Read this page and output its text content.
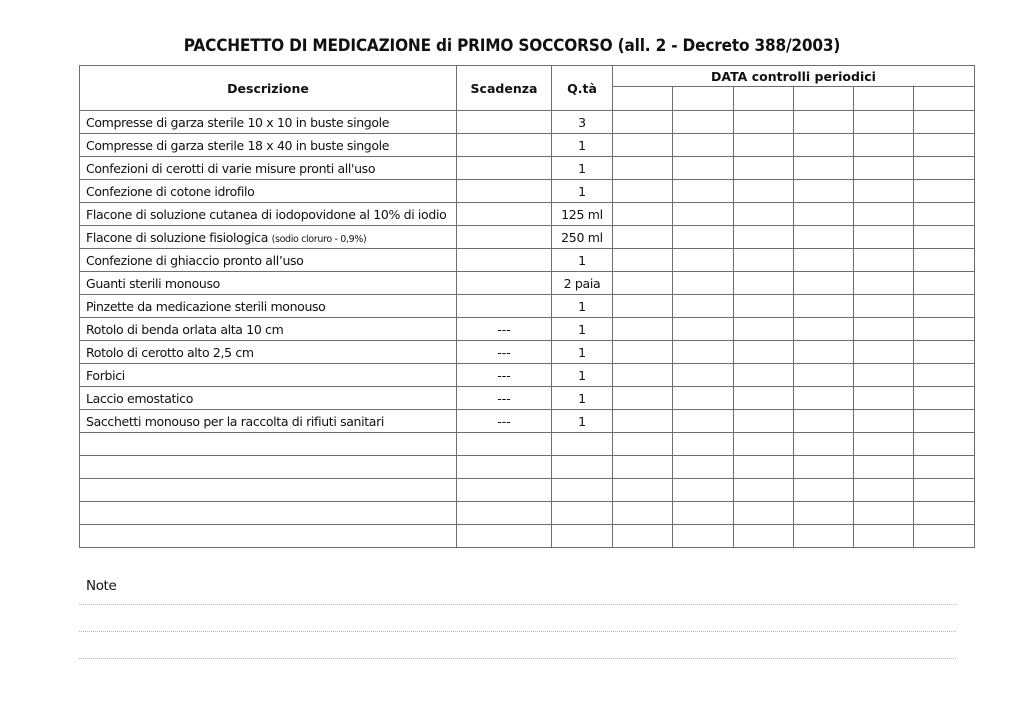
PACCHETTO DI MEDICAZIONE di PRIMO SOCCORSO (all. 2 - Decreto 388/2003)
Descrizione	Scadenza	Q.tà	DATA controlli periodici					

Compresse di garza sterile 10 x 10 in buste singole		3						
Compresse di garza sterile 18 x 40 in buste singole		1						
Confezioni di cerotti di varie misure pronti all'uso		1						
Confezione di cotone idrofilo		1						
Flacone di soluzione cutanea di iodopovidone al 10% di iodio		125 ml						
Flacone di soluzione fisiologica (sodio cloruro - 0,9%)		250 ml						
Confezione di ghiaccio pronto all’uso		1						
Guanti sterili monouso		2 paia						
Pinzette da medicazione sterili monouso		1						
Rotolo di benda orlata alta 10 cm	---	1						
Rotolo di cerotto alto 2,5 cm	---	1						
Forbici	---	1						
Laccio emostatico	---	1						
Sacchetti monouso per la raccolta di rifiuti sanitari	---	1						

Note
